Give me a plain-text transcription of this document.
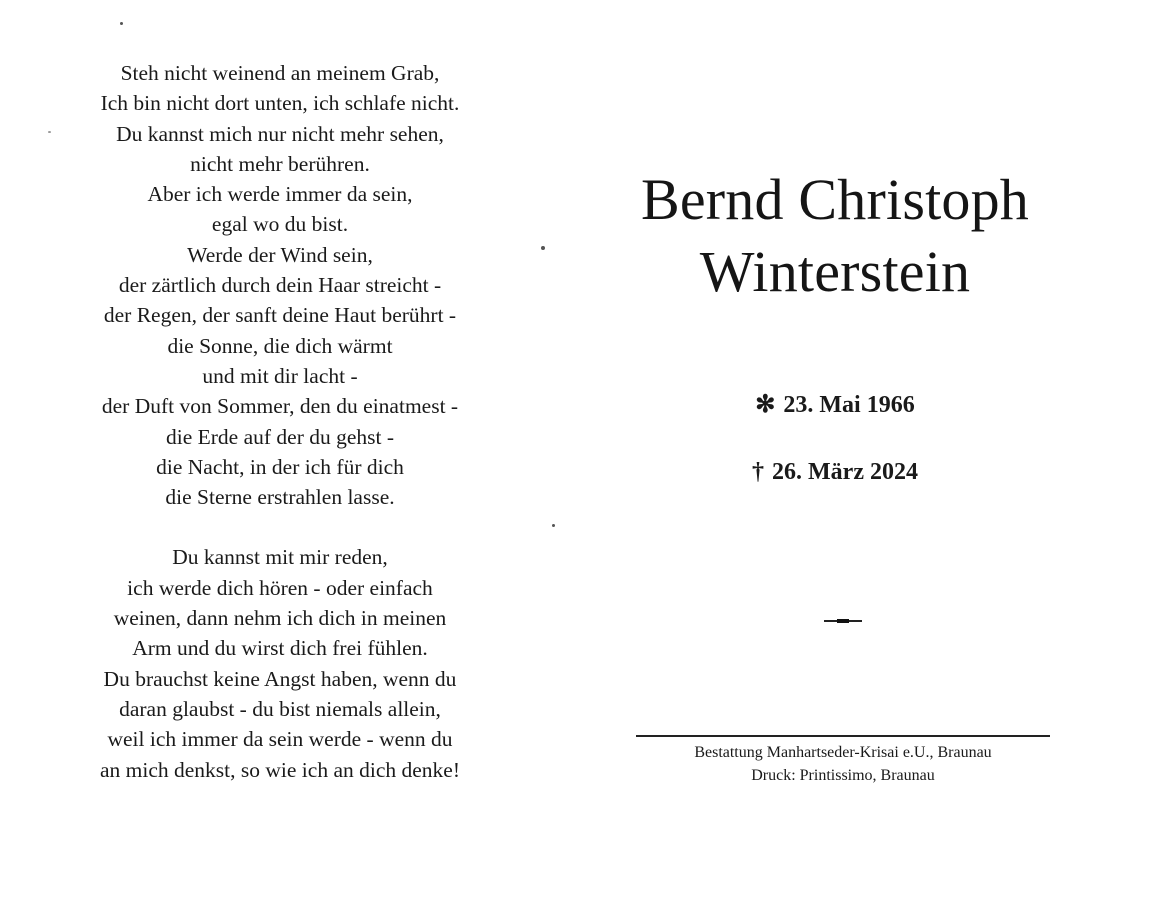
Steh nicht weinend an meinem Grab,
Ich bin nicht dort unten, ich schlafe nicht.
Du kannst mich nur nicht mehr sehen,
nicht mehr berühren.
Aber ich werde immer da sein,
egal wo du bist.
Werde der Wind sein,
der zärtlich durch dein Haar streicht -
der Regen, der sanft deine Haut berührt -
die Sonne, die dich wärmt
und mit dir lacht -
der Duft von Sommer, den du einatmest -
die Erde auf der du gehst -
die Nacht, in der ich für dich
die Sterne erstrahlen lasse.
Du kannst mit mir reden,
ich werde dich hören - oder einfach
weinen, dann nehm ich dich in meinen
Arm und du wirst dich frei fühlen.
Du brauchst keine Angst haben, wenn du
daran glaubst - du bist niemals allein,
weil ich immer da sein werde - wenn du
an mich denkst, so wie ich an dich denke!
Bernd Christoph
Winterstein
✻ 23. Mai 1966
† 26. März 2024
Bestattung Manhartseder-Krisai e.U., Braunau
Druck: Printissimo, Braunau
